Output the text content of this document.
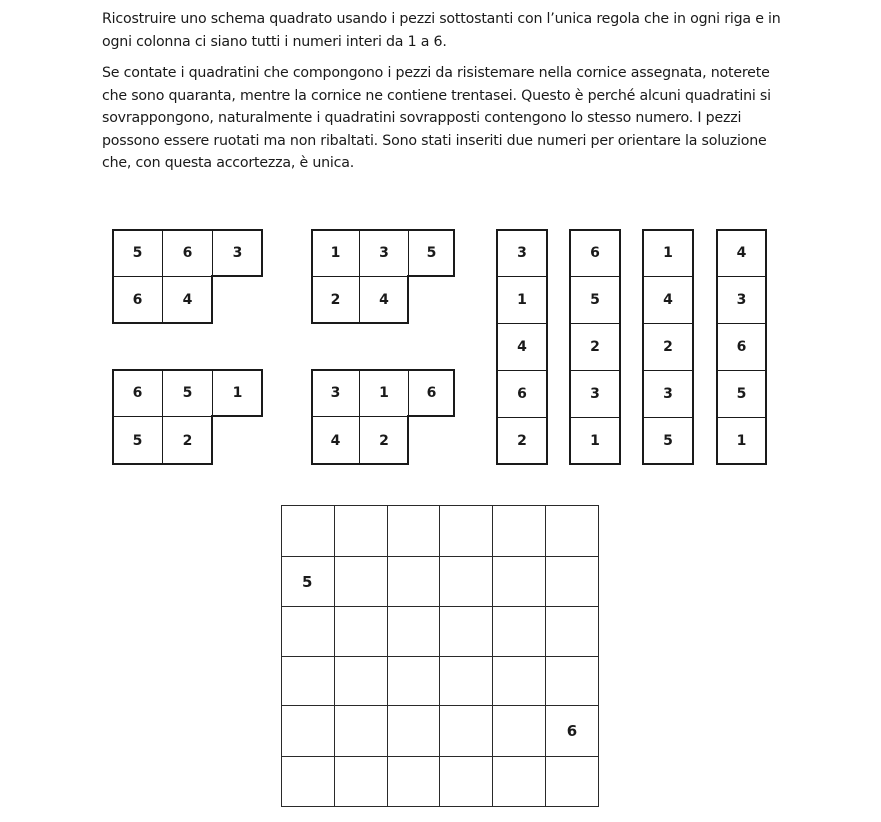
Ricostruire uno schema quadrato usando i pezzi sottostanti con l’unica regola che in ogni riga e in ogni colonna ci siano tutti i numeri interi da 1 a 6.

Se contate i quadratini che compongono i pezzi da risistemare nella cornice assegnata, noterete che sono quaranta, mentre la cornice ne contiene trentasei. Questo è perché alcuni quadratini si sovrappongono, naturalmente i quadratini sovrapposti contengono lo stesso numero. I pezzi possono essere ruotati ma non ribaltati. Sono stati inseriti due numeri per orientare la soluzione che, con questa accortezza, è unica.

5	6	3
6	4
1	3	5
2	4
6	5	1
5	2
3	1	6
4	2
3
1
4
6
2
6
5
2
3
1
1
4
2
3
5
4
3
6
5
1
5
6
